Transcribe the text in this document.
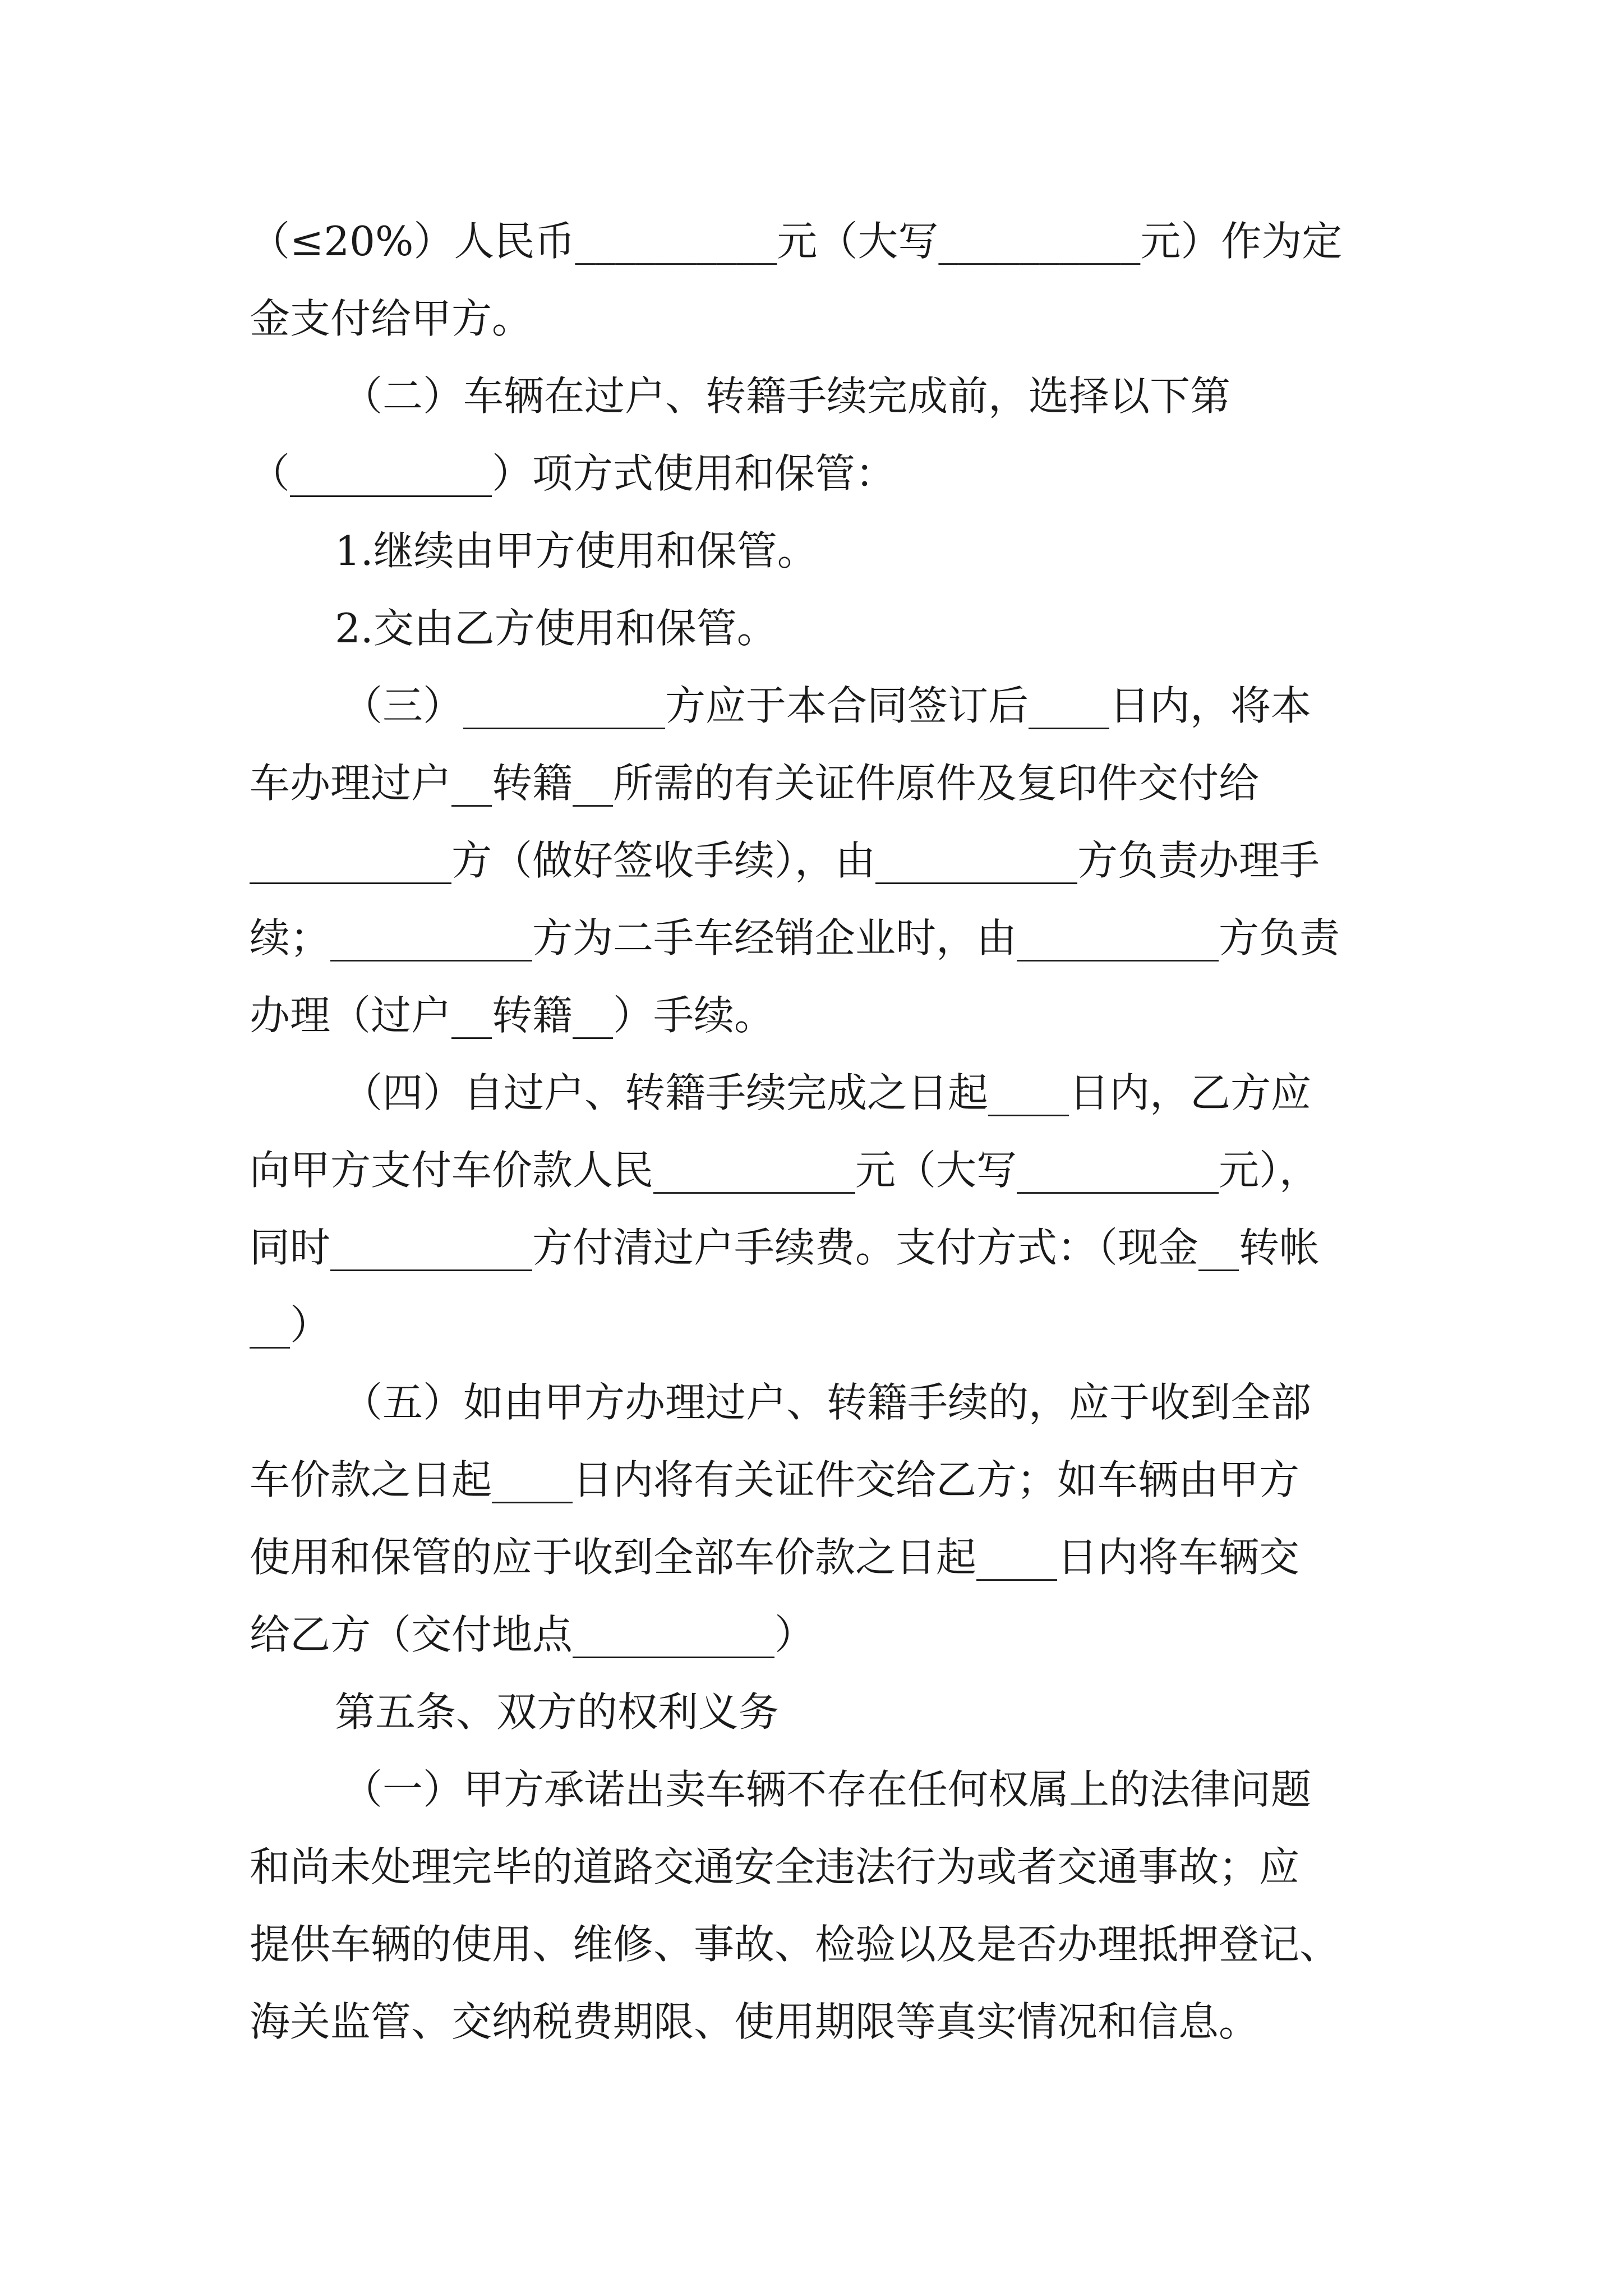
（≤20%）人民币__________元（大写__________元）作为定
金支付给甲方。
（二）车辆在过户、转籍手续完成前，选择以下第
（__________）项方式使用和保管：
1.继续由甲方使用和保管。
2.交由乙方使用和保管。
（三）__________方应于本合同签订后____日内，将本
车办理过户__转籍__所需的有关证件原件及复印件交付给
__________方（做好签收手续），由__________方负责办理手
续；__________方为二手车经销企业时，由__________方负责
办理（过户__转籍__）手续。
（四）自过户、转籍手续完成之日起____日内，乙方应
向甲方支付车价款人民__________元（大写__________元），
同时__________方付清过户手续费。支付方式：（现金__转帐
__）
（五）如由甲方办理过户、转籍手续的，应于收到全部
车价款之日起____日内将有关证件交给乙方；如车辆由甲方
使用和保管的应于收到全部车价款之日起____日内将车辆交
给乙方（交付地点__________）
第五条、双方的权利义务
（一）甲方承诺出卖车辆不存在任何权属上的法律问题
和尚未处理完毕的道路交通安全违法行为或者交通事故；应
提供车辆的使用、维修、事故、检验以及是否办理抵押登记、
海关监管、交纳税费期限、使用期限等真实情况和信息。
